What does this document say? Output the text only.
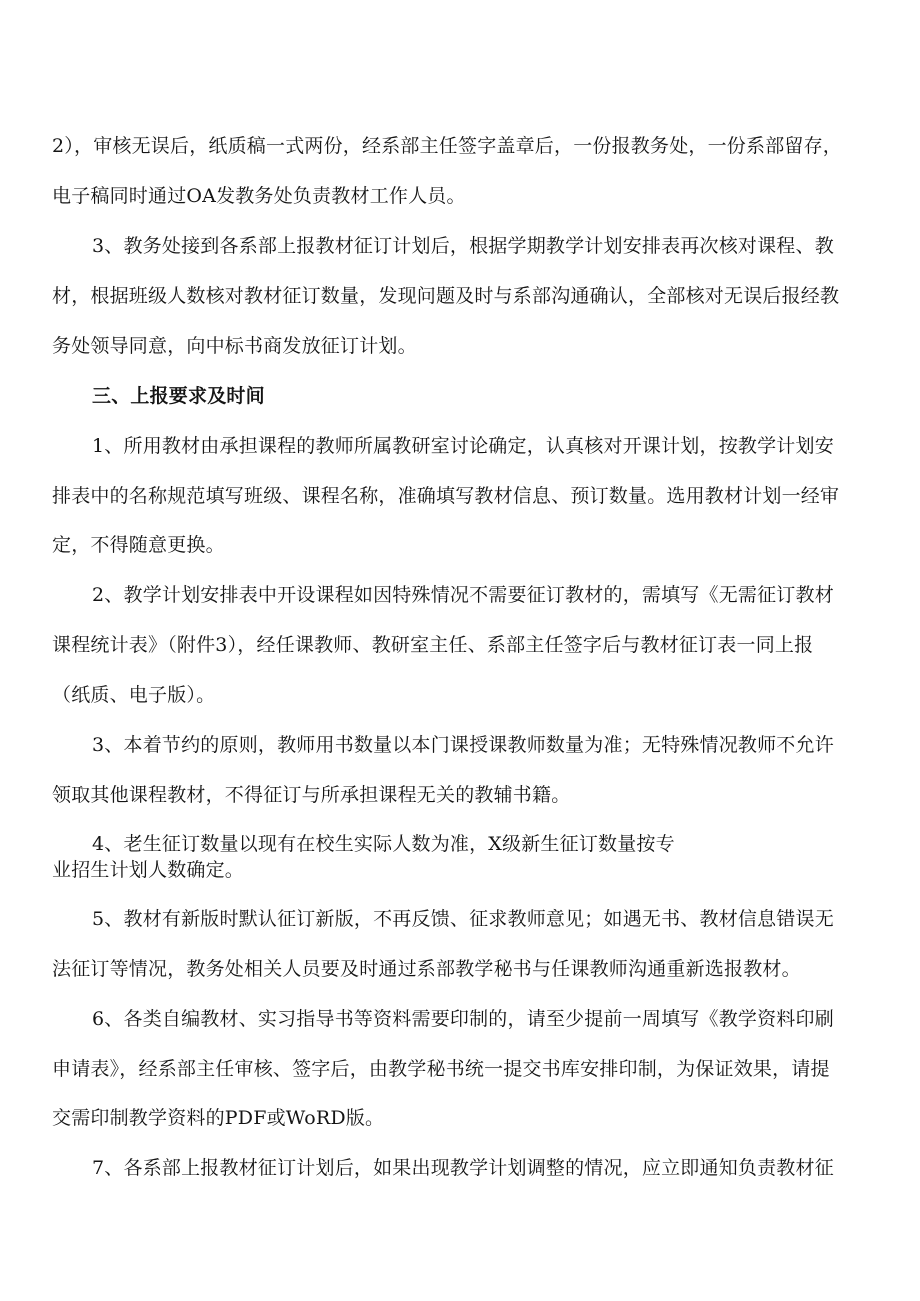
2），审核无误后，纸质稿一式两份，经系部主任签字盖章后，一份报教务处，一份系部留存，
电子稿同时通过OA发教务处负责教材工作人员。
3、教务处接到各系部上报教材征订计划后，根据学期教学计划安排表再次核对课程、教
材，根据班级人数核对教材征订数量，发现问题及时与系部沟通确认，全部核对无误后报经教
务处领导同意，向中标书商发放征订计划。
三、上报要求及时间
1、所用教材由承担课程的教师所属教研室讨论确定，认真核对开课计划，按教学计划安
排表中的名称规范填写班级、课程名称，准确填写教材信息、预订数量。选用教材计划一经审
定，不得随意更换。
2、教学计划安排表中开设课程如因特殊情况不需要征订教材的，需填写《无需征订教材
课程统计表》（附件3），经任课教师、教研室主任、系部主任签字后与教材征订表一同上报
（纸质、电子版）。
3、本着节约的原则，教师用书数量以本门课授课教师数量为准；无特殊情况教师不允许
领取其他课程教材，不得征订与所承担课程无关的教辅书籍。
4、老生征订数量以现有在校生实际人数为准，X级新生征订数量按专
业招生计划人数确定。
5、教材有新版时默认征订新版，不再反馈、征求教师意见；如遇无书、教材信息错误无
法征订等情况，教务处相关人员要及时通过系部教学秘书与任课教师沟通重新选报教材。
6、各类自编教材、实习指导书等资料需要印制的，请至少提前一周填写《教学资料印刷
申请表》，经系部主任审核、签字后，由教学秘书统一提交书库安排印制，为保证效果，请提
交需印制教学资料的PDF或WoRD版。
7、各系部上报教材征订计划后，如果出现教学计划调整的情况，应立即通知负责教材征
